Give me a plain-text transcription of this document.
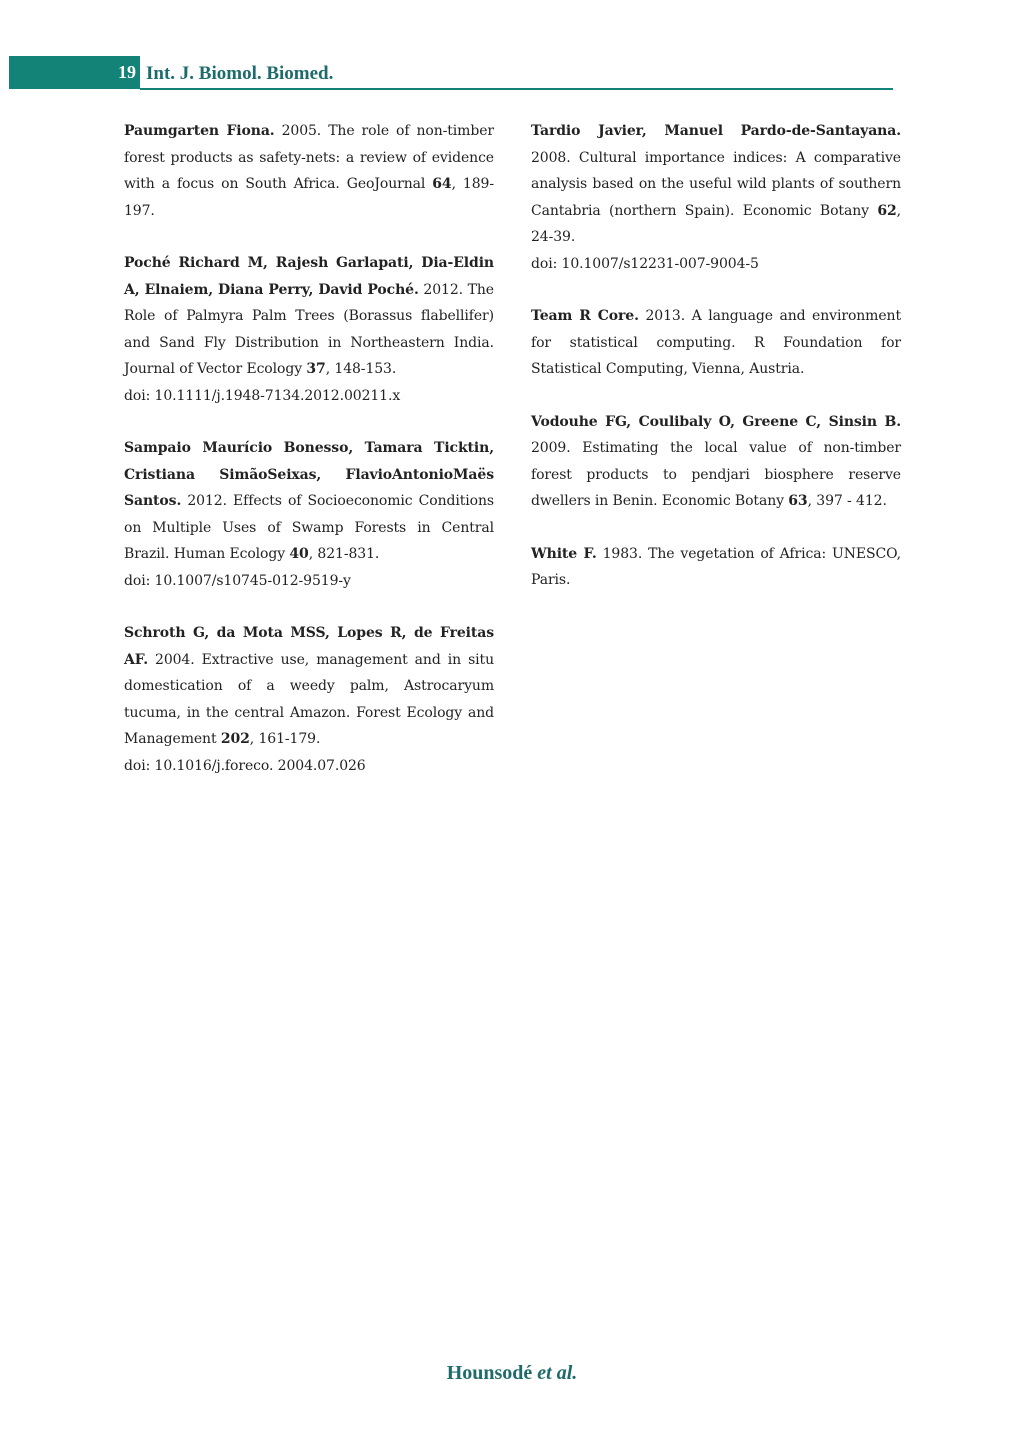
19 Int. J. Biomol. Biomed.

Paumgarten Fiona. 2005. The role of non-timber forest products as safety-nets: a review of evidence with a focus on South Africa. GeoJournal 64, 189-197.

Poché Richard M, Rajesh Garlapati, Dia-Eldin A, Elnaiem, Diana Perry, David Poché. 2012. The Role of Palmyra Palm Trees (Borassus flabellifer) and Sand Fly Distribution in Northeastern India. Journal of Vector Ecology 37, 148-153.
doi: 10.1111/j.1948-7134.2012.00211.x

Sampaio Maurício Bonesso, Tamara Ticktin, Cristiana SimãoSeixas, FlavioAntonioMaës Santos. 2012. Effects of Socioeconomic Conditions on Multiple Uses of Swamp Forests in Central Brazil. Human Ecology 40, 821-831.
doi: 10.1007/s10745-012-9519-y

Schroth G, da Mota MSS, Lopes R, de Freitas AF. 2004. Extractive use, management and in situ domestication of a weedy palm, Astrocaryum tucuma, in the central Amazon. Forest Ecology and Management 202, 161-179.
doi: 10.1016/j.foreco. 2004.07.026

Tardio Javier, Manuel Pardo-de-Santayana. 2008. Cultural importance indices: A comparative analysis based on the useful wild plants of southern Cantabria (northern Spain). Economic Botany 62, 24-39.
doi: 10.1007/s12231-007-9004-5

Team R Core. 2013. A language and environment for statistical computing. R Foundation for Statistical Computing, Vienna, Austria.

Vodouhe FG, Coulibaly O, Greene C, Sinsin B. 2009. Estimating the local value of non-timber forest products to pendjari biosphere reserve dwellers in Benin. Economic Botany 63, 397 - 412.

White F. 1983. The vegetation of Africa: UNESCO, Paris.

Hounsodé et al.
